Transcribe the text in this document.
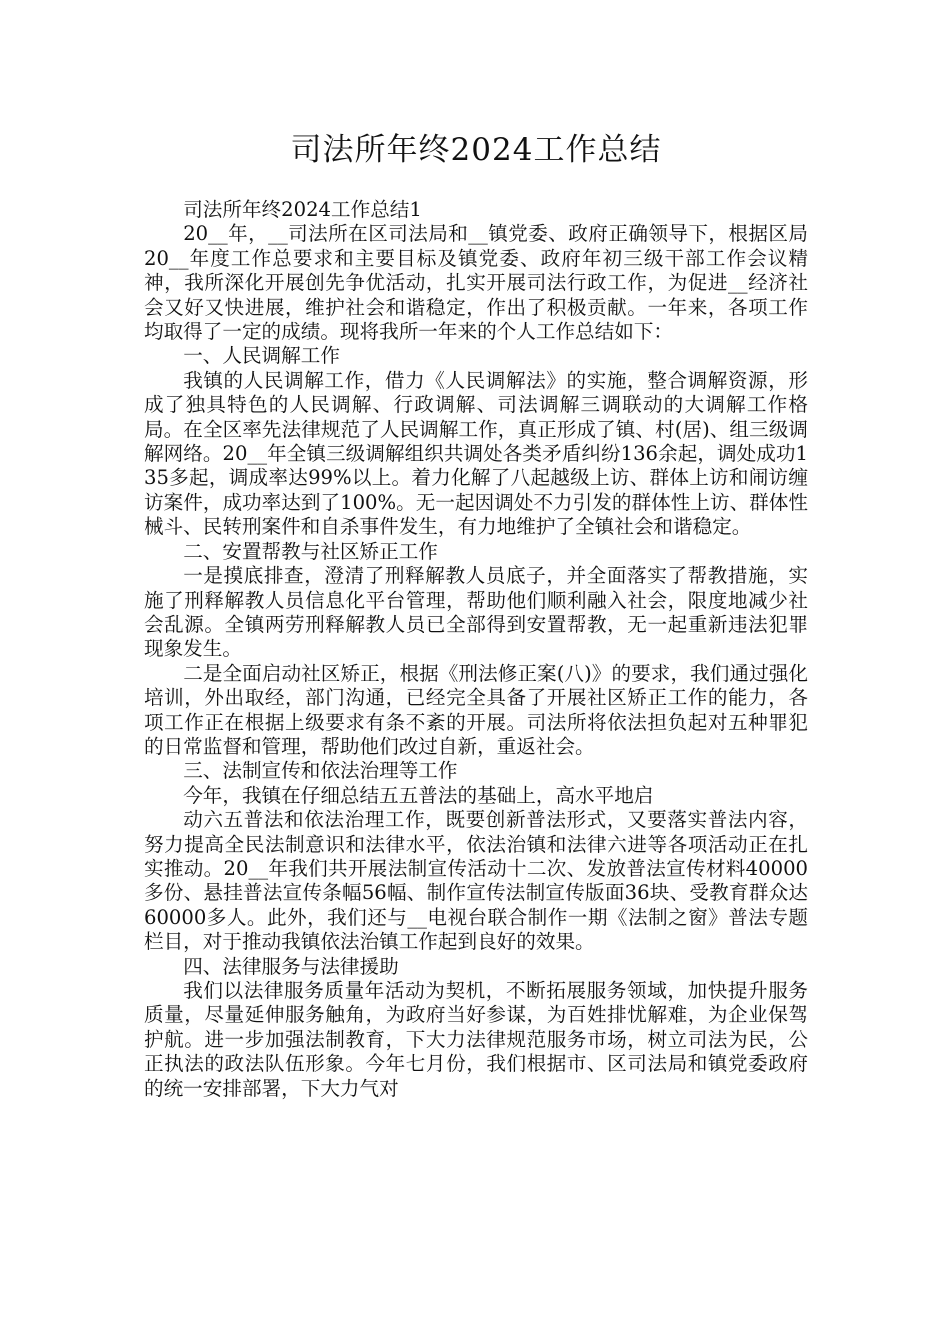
司法所年终2024工作总结

司法所年终2024工作总结1

20__年，__司法所在区司法局和__镇党委、政府正确领导下，根据区局20__年度工作总要求和主要目标及镇党委、政府年初三级干部工作会议精神，我所深化开展创先争优活动，扎实开展司法行政工作，为促进__经济社会又好又快进展，维护社会和谐稳定，作出了积极贡献。一年来，各项工作均取得了一定的成绩。现将我所一年来的个人工作总结如下：

一、人民调解工作

我镇的人民调解工作，借力《人民调解法》的实施，整合调解资源，形成了独具特色的人民调解、行政调解、司法调解三调联动的大调解工作格局。在全区率先法律规范了人民调解工作，真正形成了镇、村(居)、组三级调解网络。20__年全镇三级调解组织共调处各类矛盾纠纷136余起，调处成功135多起，调成率达99%以上。着力化解了八起越级上访、群体上访和闹访缠访案件，成功率达到了100%。无一起因调处不力引发的群体性上访、群体性械斗、民转刑案件和自杀事件发生，有力地维护了全镇社会和谐稳定。

二、安置帮教与社区矫正工作

一是摸底排查，澄清了刑释解教人员底子，并全面落实了帮教措施，实施了刑释解教人员信息化平台管理，帮助他们顺利融入社会，限度地减少社会乱源。全镇两劳刑释解教人员已全部得到安置帮教，无一起重新违法犯罪现象发生。

二是全面启动社区矫正，根据《刑法修正案(八)》的要求，我们通过强化培训，外出取经，部门沟通，已经完全具备了开展社区矫正工作的能力，各项工作正在根据上级要求有条不紊的开展。司法所将依法担负起对五种罪犯的日常监督和管理，帮助他们改过自新，重返社会。

三、法制宣传和依法治理等工作

今年，我镇在仔细总结五五普法的基础上，高水平地启

动六五普法和依法治理工作，既要创新普法形式，又要落实普法内容，努力提高全民法制意识和法律水平，依法治镇和法律六进等各项活动正在扎实推动。20__年我们共开展法制宣传活动十二次、发放普法宣传材料40000多份、悬挂普法宣传条幅56幅、制作宣传法制宣传版面36块、受教育群众达60000多人。此外，我们还与__电视台联合制作一期《法制之窗》普法专题栏目，对于推动我镇依法治镇工作起到良好的效果。

四、法律服务与法律援助

我们以法律服务质量年活动为契机，不断拓展服务领域，加快提升服务质量，尽量延伸服务触角，为政府当好参谋，为百姓排忧解难，为企业保驾护航。进一步加强法制教育，下大力法律规范服务市场，树立司法为民，公正执法的政法队伍形象。今年七月份，我们根据市、区司法局和镇党委政府的统一安排部署，下大力气对
